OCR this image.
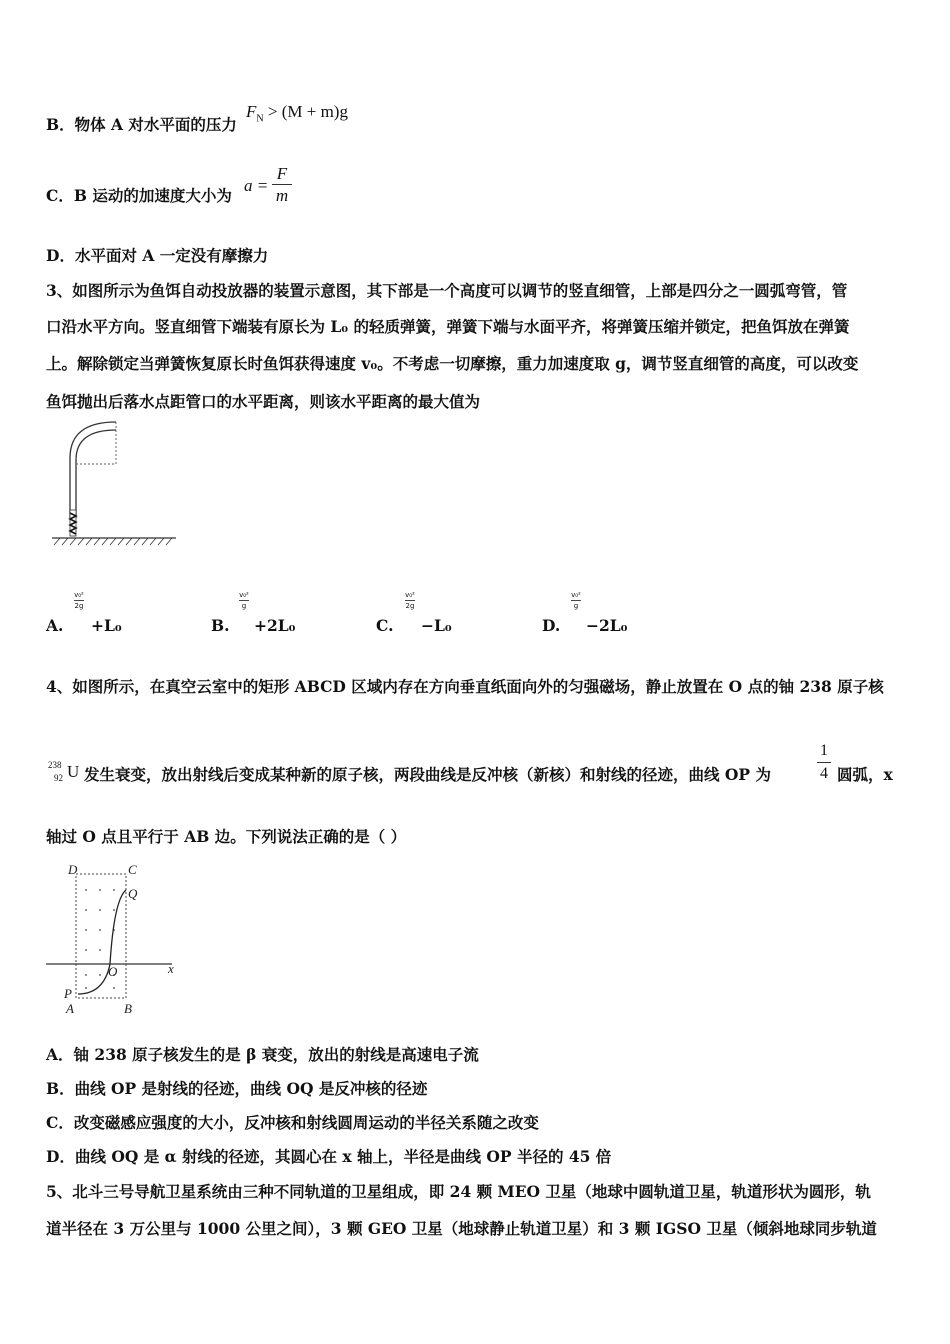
B．物体 A 对水平面的压力
$F_N > (M + m)g$
C．B 运动的加速度大小为
$a = \frac{F}{m}$
D．水平面对 A 一定没有摩擦力
3、如图所示为鱼饵自动投放器的装置示意图，其下部是一个高度可以调节的竖直细管，上部是四分之一圆弧弯管，管
口沿水平方向。竖直细管下端装有原长为 L₀ 的轻质弹簧，弹簧下端与水面平齐，将弹簧压缩并锁定，把鱼饵放在弹簧
上。解除锁定当弹簧恢复原长时鱼饵获得速度 v₀。不考虑一切摩擦，重力加速度取 g，调节竖直细管的高度，可以改变
鱼饵抛出后落水点距管口的水平距离，则该水平距离的最大值为
A.
v₀²
2g
+L₀	B.
v₀²
g
+2L₀	C.
v₀²
2g
−L₀	D.
v₀²
g
−2L₀
4、如图所示，在真空云室中的矩形 ABCD 区域内存在方向垂直纸面向外的匀强磁场，静止放置在 O 点的铀 238 原子核
238
92 U 发生衰变，放出射线后变成某种新的原子核，两段曲线是反冲核（新核）和射线的径迹，曲线 OP 为	$\frac{1}{4}$ 圆弧，x
轴过 O 点且平行于 AB 边。下列说法正确的是（ ）
D	C
Q
O
P
A	B
x
A．铀 238 原子核发生的是 β 衰变，放出的射线是高速电子流
B．曲线 OP 是射线的径迹，曲线 OQ 是反冲核的径迹
C．改变磁感应强度的大小，反冲核和射线圆周运动的半径关系随之改变
D．曲线 OQ 是 α 射线的径迹，其圆心在 x 轴上，半径是曲线 OP 半径的 45 倍
5、北斗三号导航卫星系统由三种不同轨道的卫星组成，即 24 颗 MEO 卫星（地球中圆轨道卫星，轨道形状为圆形，轨
道半径在 3 万公里与 1000 公里之间），3 颗 GEO 卫星（地球静止轨道卫星）和 3 颗 IGSO 卫星（倾斜地球同步轨道
